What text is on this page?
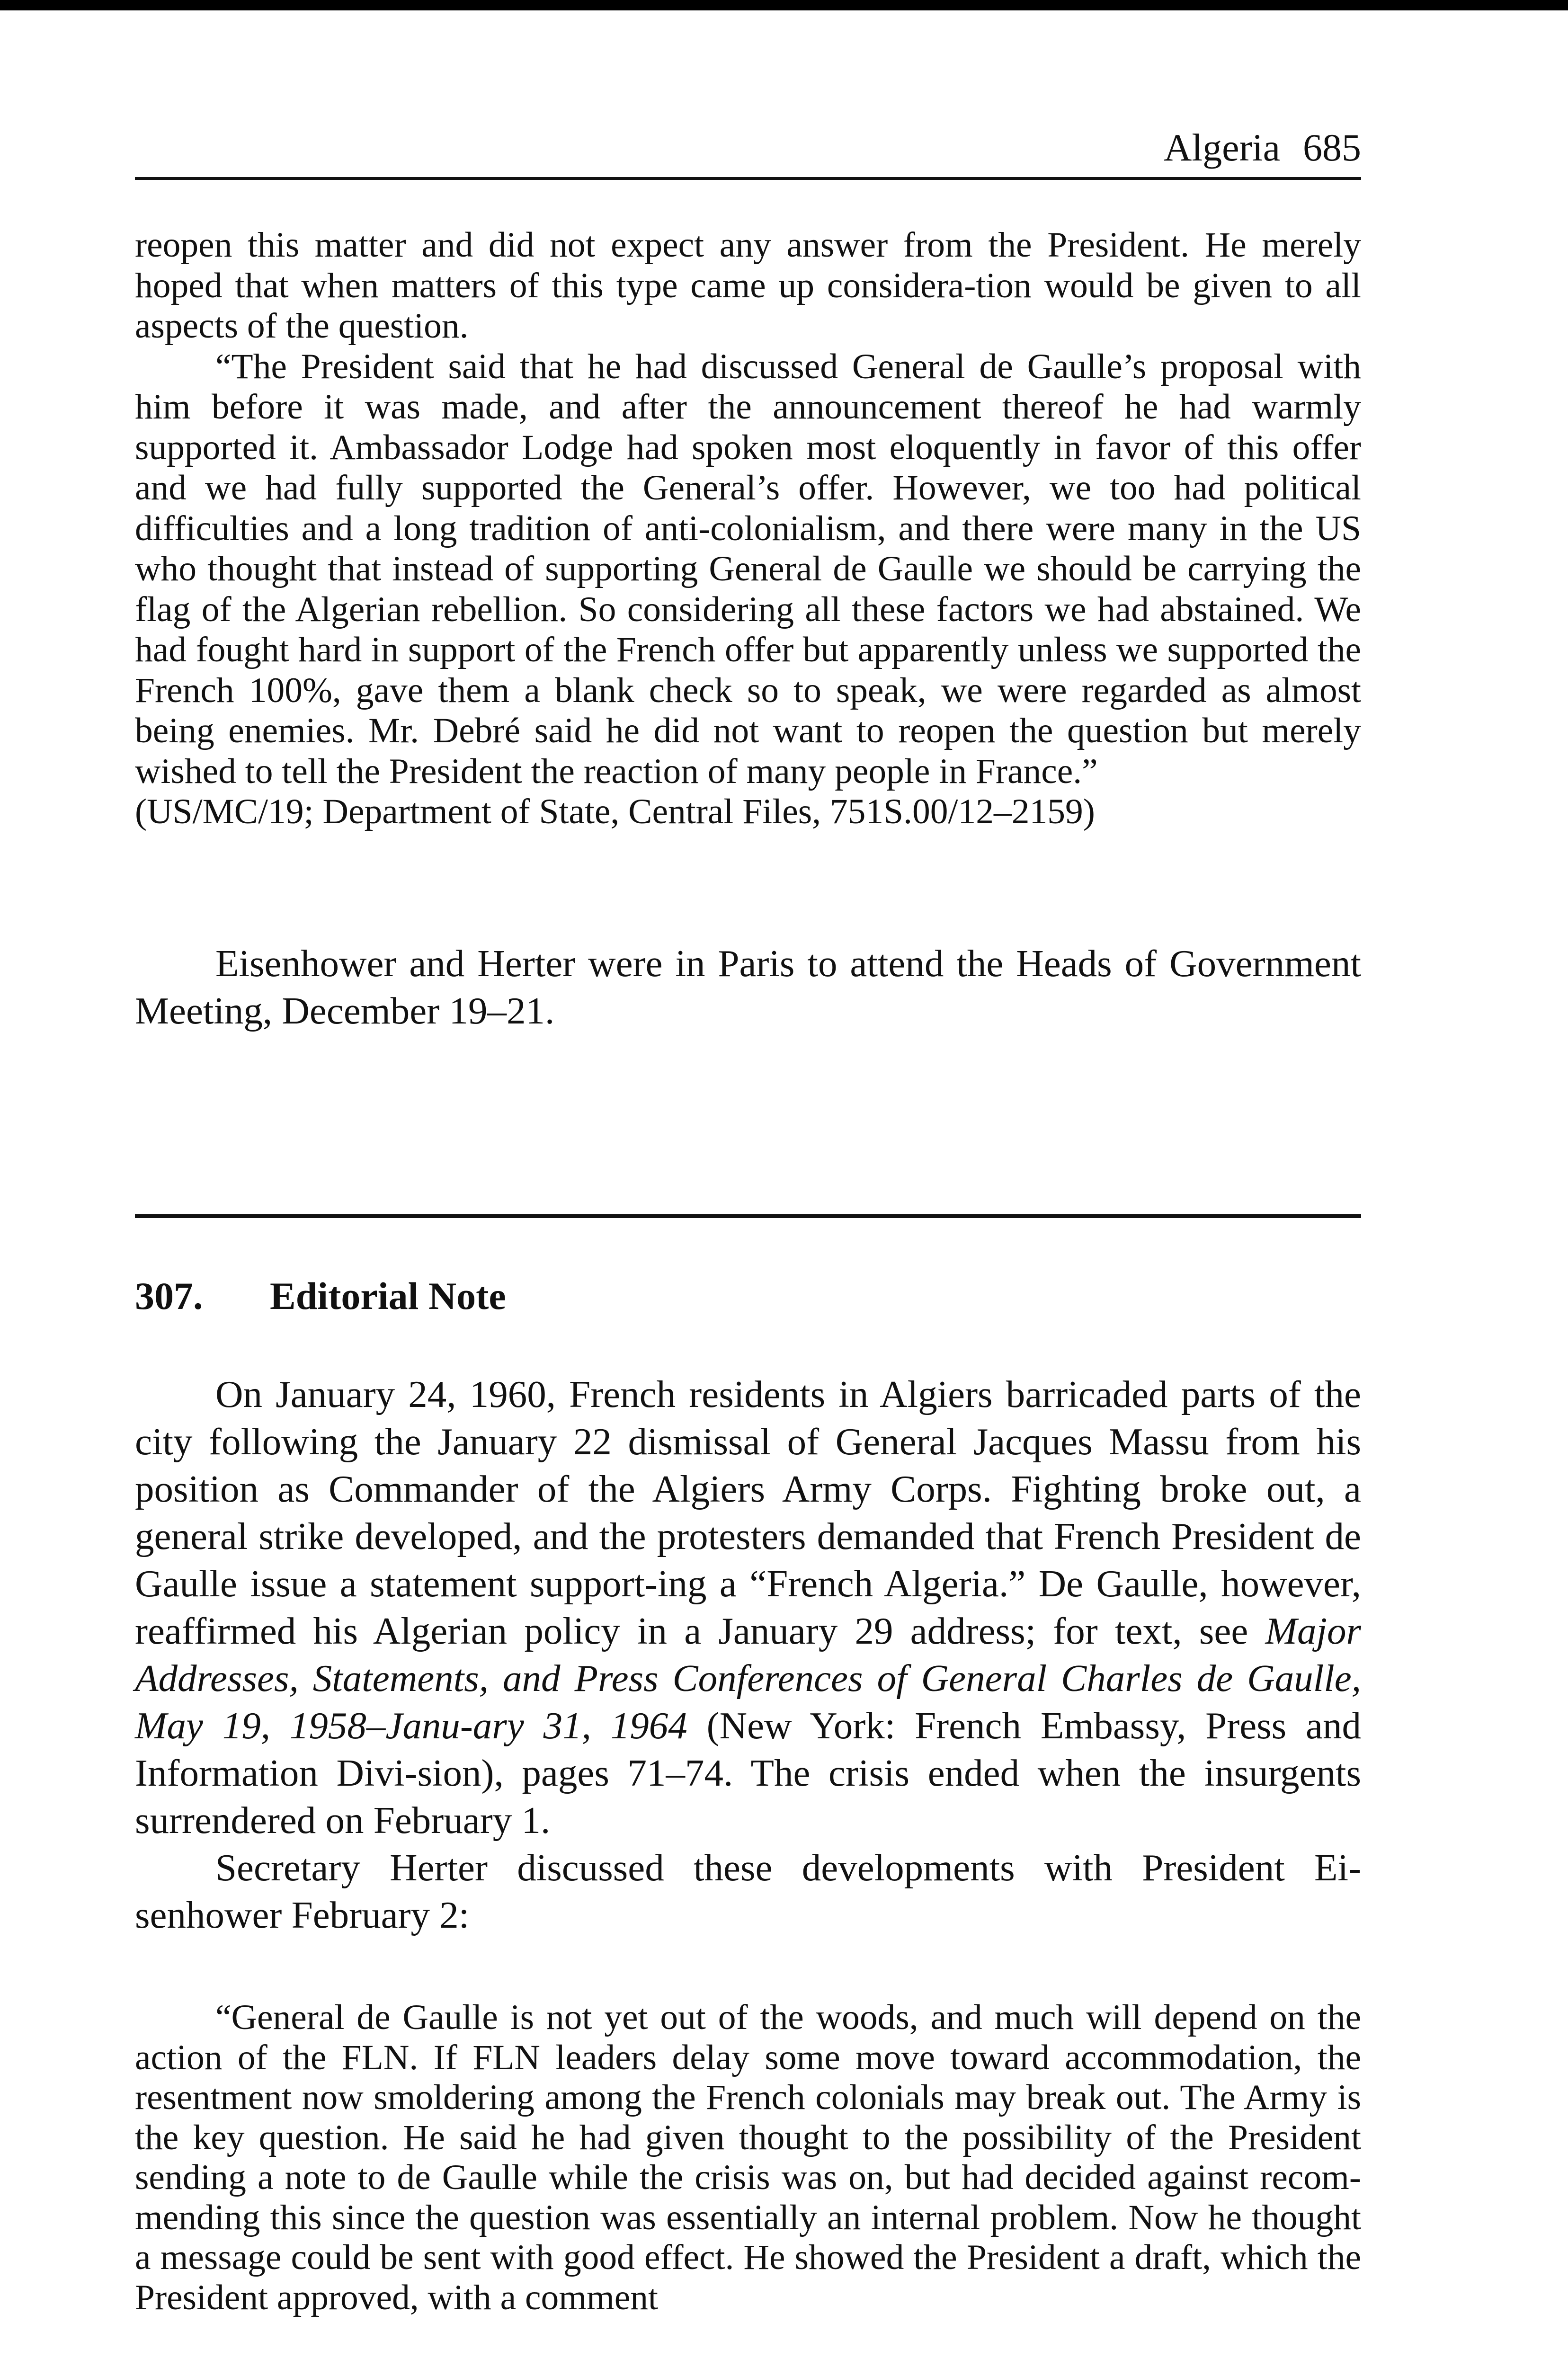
Algeria 685

reopen this matter and did not expect any answer from the President. He merely hoped that when matters of this type came up considera-tion would be given to all aspects of the question.

“The President said that he had discussed General de Gaulle’s proposal with him before it was made, and after the announcement thereof he had warmly supported it. Ambassador Lodge had spoken most eloquently in favor of this offer and we had fully supported the General’s offer. However, we too had political difficulties and a long tradition of anti-colonialism, and there were many in the US who thought that instead of supporting General de Gaulle we should be carrying the flag of the Algerian rebellion. So considering all these factors we had abstained. We had fought hard in support of the French offer but apparently unless we supported the French 100%, gave them a blank check so to speak, we were regarded as almost being enemies. Mr. Debré said he did not want to reopen the question but merely wished to tell the President the reaction of many people in France.”

(US/MC/19; Department of State, Central Files, 751S.00/12–2159)

Eisenhower and Herter were in Paris to attend the Heads of Government Meeting, December 19–21.

307. Editorial Note

On January 24, 1960, French residents in Algiers barricaded parts of the city following the January 22 dismissal of General Jacques Massu from his position as Commander of the Algiers Army Corps. Fighting broke out, a general strike developed, and the protesters demanded that French President de Gaulle issue a statement support-ing a “French Algeria.” De Gaulle, however, reaffirmed his Algerian policy in a January 29 address; for text, see Major Addresses, Statements, and Press Conferences of General Charles de Gaulle, May 19, 1958–Janu-ary 31, 1964 (New York: French Embassy, Press and Information Divi-sion), pages 71–74. The crisis ended when the insurgents surrendered on February 1.

Secretary Herter discussed these developments with President Ei-senhower February 2:

“General de Gaulle is not yet out of the woods, and much will depend on the action of the FLN. If FLN leaders delay some move toward accommodation, the resentment now smoldering among the French colonials may break out. The Army is the key question. He said he had given thought to the possibility of the President sending a note to de Gaulle while the crisis was on, but had decided against recom-mending this since the question was essentially an internal problem. Now he thought a message could be sent with good effect. He showed the President a draft, which the President approved, with a comment
